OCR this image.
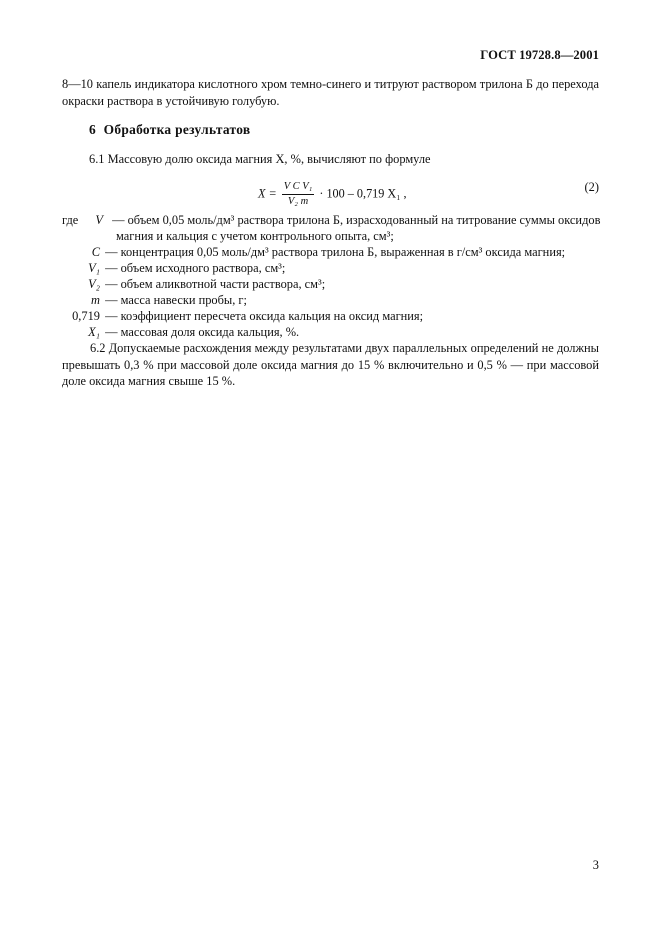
ГОСТ 19728.8—2001
8—10 капель индикатора кислотного хром темно-синего и титруют раствором трилона Б до перехода окраски раствора в устойчивую голубую.
6 Обработка результатов
6.1 Массовую долю оксида магния X, %, вычисляют по формуле
$X = \frac{\text{V C V₁}}{\text{V₂ m}} \cdot 100 - 0,719$ X₁ ,	(2)
где V — объем 0,05 моль/дм³ раствора трилона Б, израсходованный на титрование суммы оксидов
магния и кальция с учетом контрольного опыта, см³;
C — концентрация 0,05 моль/дм³ раствора трилона Б, выраженная в г/см³ оксида магния;
V₁ — объем исходного раствора, см³;
V₂ — объем аликвотной части раствора, см³;
m — масса навески пробы, г;
0,719 — коэффициент пересчета оксида кальция на оксид магния;
X₁ — массовая доля оксида кальция, %.
6.2 Допускаемые расхождения между результатами двух параллельных определений не должны превышать 0,3 % при массовой доле оксида магния до 15 % включительно и 0,5 % — при массовой доле оксида магния свыше 15 %.
3
